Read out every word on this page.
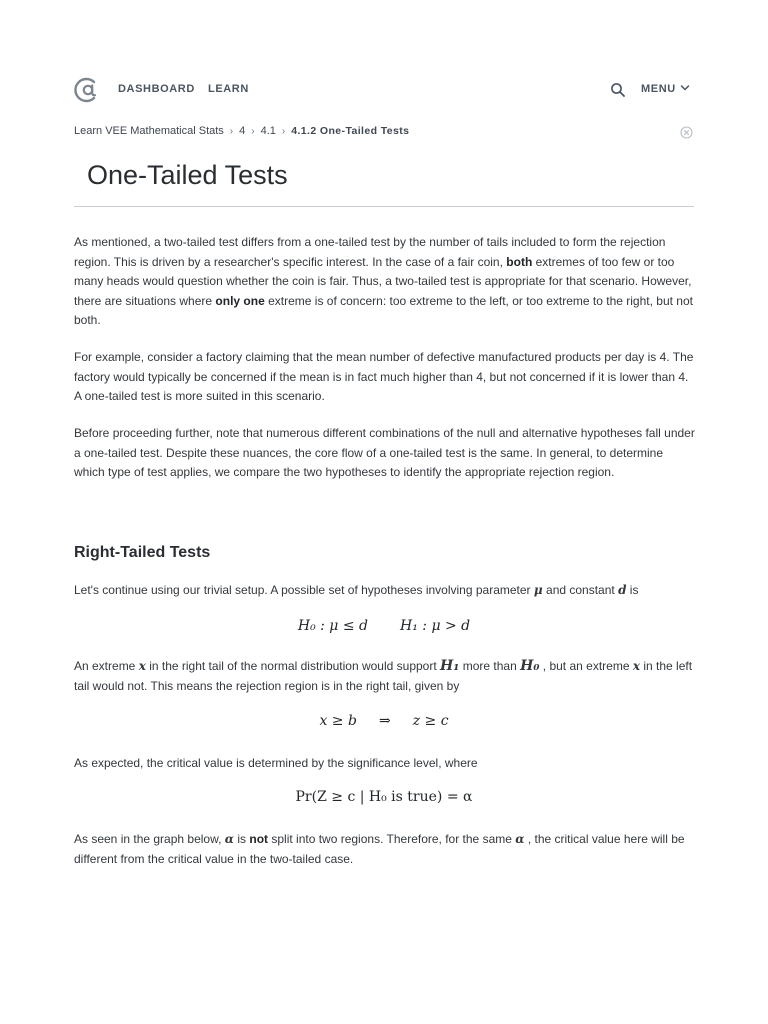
DASHBOARD LEARN	MENU
Learn VEE Mathematical Stats › 4 › 4.1 › 4.1.2 One-Tailed Tests
One-Tailed Tests

As mentioned, a two-tailed test differs from a one-tailed test by the number of tails included to form the rejection region. This is driven by a researcher's specific interest. In the case of a fair coin, both extremes of too few or too many heads would question whether the coin is fair. Thus, a two-tailed test is appropriate for that scenario. However, there are situations where only one extreme is of concern: too extreme to the left, or too extreme to the right, but not both.

For example, consider a factory claiming that the mean number of defective manufactured products per day is 4. The factory would typically be concerned if the mean is in fact much higher than 4, but not concerned if it is lower than 4. A one-tailed test is more suited in this scenario.

Before proceeding further, note that numerous different combinations of the null and alternative hypotheses fall under a one-tailed test. Despite these nuances, the core flow of a one-tailed test is the same. In general, to determine which type of test applies, we compare the two hypotheses to identify the appropriate rejection region.

Right-Tailed Tests

Let's continue using our trivial setup. A possible set of hypotheses involving parameter μ and constant d is

H₀ : μ ≤ d H₁ : μ > d

An extreme x in the right tail of the normal distribution would support H₁ more than H₀ , but an extreme x in the left tail would not. This means the rejection region is in the right tail, given by

x ≥ b ⇒ z ≥ c

As expected, the critical value is determined by the significance level, where

Pr(Z ≥ c | H₀ is true) = α

As seen in the graph below, α is not split into two regions. Therefore, for the same α , the critical value here will be different from the critical value in the two-tailed case.
